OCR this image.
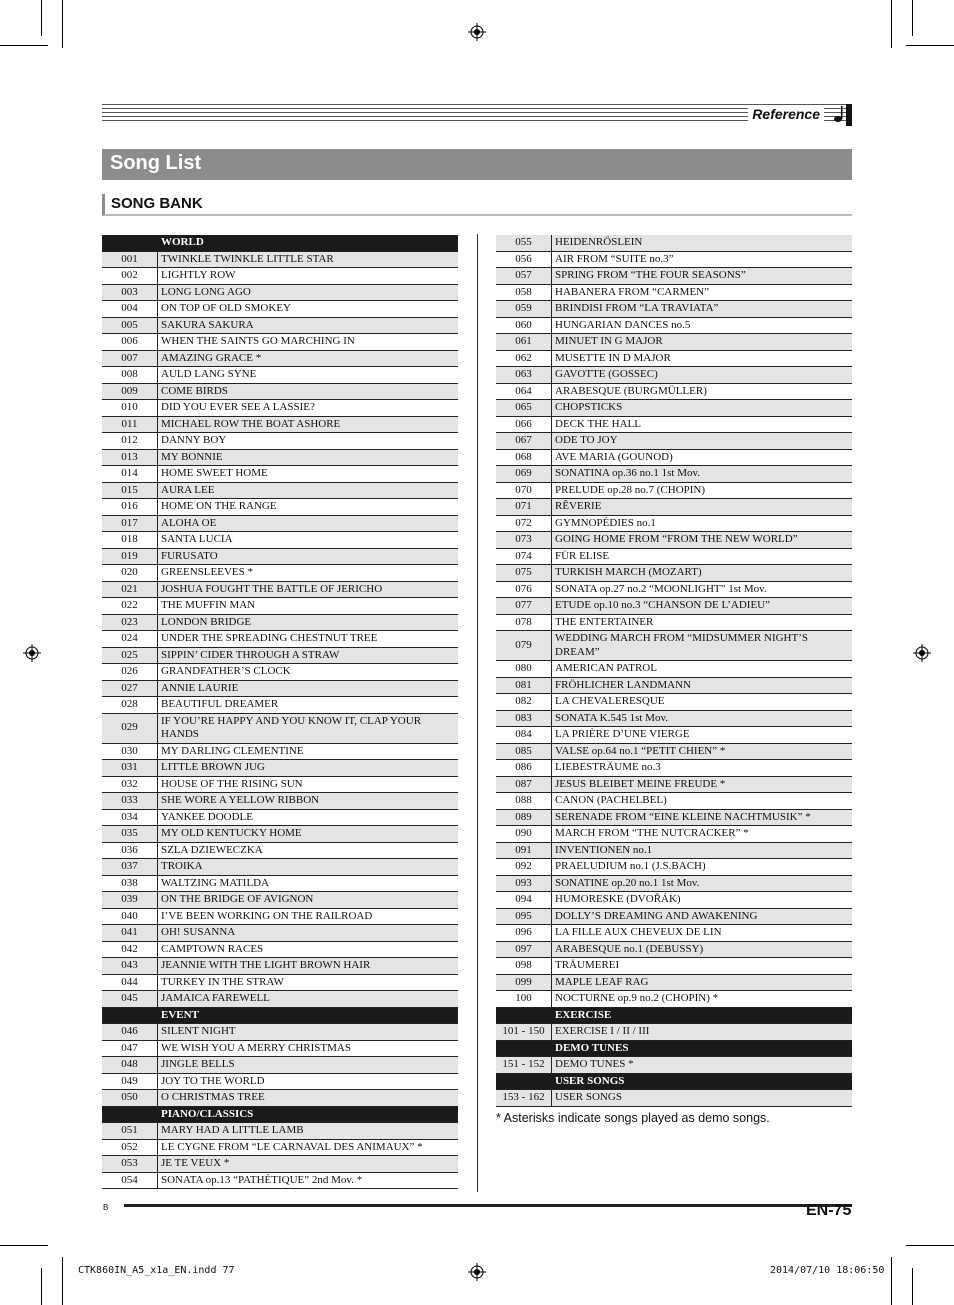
Reference
Song List
SONG BANK
	WORLD
001	TWINKLE TWINKLE LITTLE STAR
002	LIGHTLY ROW
003	LONG LONG AGO
004	ON TOP OF OLD SMOKEY
005	SAKURA SAKURA
006	WHEN THE SAINTS GO MARCHING IN
007	AMAZING GRACE *
008	AULD LANG SYNE
009	COME BIRDS
010	DID YOU EVER SEE A LASSIE?
011	MICHAEL ROW THE BOAT ASHORE
012	DANNY BOY
013	MY BONNIE
014	HOME SWEET HOME
015	AURA LEE
016	HOME ON THE RANGE
017	ALOHA OE
018	SANTA LUCIA
019	FURUSATO
020	GREENSLEEVES *
021	JOSHUA FOUGHT THE BATTLE OF JERICHO
022	THE MUFFIN MAN
023	LONDON BRIDGE
024	UNDER THE SPREADING CHESTNUT TREE
025	SIPPIN’ CIDER THROUGH A STRAW
026	GRANDFATHER’S CLOCK
027	ANNIE LAURIE
028	BEAUTIFUL DREAMER
029	IF YOU’RE HAPPY AND YOU KNOW IT, CLAP YOUR HANDS
030	MY DARLING CLEMENTINE
031	LITTLE BROWN JUG
032	HOUSE OF THE RISING SUN
033	SHE WORE A YELLOW RIBBON
034	YANKEE DOODLE
035	MY OLD KENTUCKY HOME
036	SZLA DZIEWECZKA
037	TROIKA
038	WALTZING MATILDA
039	ON THE BRIDGE OF AVIGNON
040	I’VE BEEN WORKING ON THE RAILROAD
041	OH! SUSANNA
042	CAMPTOWN RACES
043	JEANNIE WITH THE LIGHT BROWN HAIR
044	TURKEY IN THE STRAW
045	JAMAICA FAREWELL
	EVENT
046	SILENT NIGHT
047	WE WISH YOU A MERRY CHRISTMAS
048	JINGLE BELLS
049	JOY TO THE WORLD
050	O CHRISTMAS TREE
	PIANO/CLASSICS
051	MARY HAD A LITTLE LAMB
052	LE CYGNE FROM “LE CARNAVAL DES ANIMAUX” *
053	JE TE VEUX *
054	SONATA op.13 “PATHÉTIQUE” 2nd Mov. *
055	HEIDENRÖSLEIN
056	AIR FROM “SUITE no.3”
057	SPRING FROM “THE FOUR SEASONS”
058	HABANERA FROM “CARMEN”
059	BRINDISI FROM “LA TRAVIATA”
060	HUNGARIAN DANCES no.5
061	MINUET IN G MAJOR
062	MUSETTE IN D MAJOR
063	GAVOTTE (GOSSEC)
064	ARABESQUE (BURGMÜLLER)
065	CHOPSTICKS
066	DECK THE HALL
067	ODE TO JOY
068	AVE MARIA (GOUNOD)
069	SONATINA op.36 no.1 1st Mov.
070	PRELUDE op.28 no.7 (CHOPIN)
071	RÊVERIE
072	GYMNOPÉDIES no.1
073	GOING HOME FROM “FROM THE NEW WORLD”
074	FÜR ELISE
075	TURKISH MARCH (MOZART)
076	SONATA op.27 no.2 “MOONLIGHT” 1st Mov.
077	ETUDE op.10 no.3 “CHANSON DE L’ADIEU”
078	THE ENTERTAINER
079	WEDDING MARCH FROM “MIDSUMMER NIGHT’S DREAM”
080	AMERICAN PATROL
081	FRÖHLICHER LANDMANN
082	LA CHEVALERESQUE
083	SONATA K.545 1st Mov.
084	LA PRIÈRE D’UNE VIERGE
085	VALSE op.64 no.1 “PETIT CHIEN” *
086	LIEBESTRÄUME no.3
087	JESUS BLEIBET MEINE FREUDE *
088	CANON (PACHELBEL)
089	SERENADE FROM “EINE KLEINE NACHTMUSIK” *
090	MARCH FROM “THE NUTCRACKER” *
091	INVENTIONEN no.1
092	PRAELUDIUM no.1 (J.S.BACH)
093	SONATINE op.20 no.1 1st Mov.
094	HUMORESKE (DVOŘÁK)
095	DOLLY’S DREAMING AND AWAKENING
096	LA FILLE AUX CHEVEUX DE LIN
097	ARABESQUE no.1 (DEBUSSY)
098	TRÄUMEREI
099	MAPLE LEAF RAG
100	NOCTURNE op.9 no.2 (CHOPIN) *
	EXERCISE
101 - 150	EXERCISE I / II / III
	DEMO TUNES
151 - 152	DEMO TUNES *
	USER SONGS
153 - 162	USER SONGS
* Asterisks indicate songs played as demo songs.
B	EN-75
CTK860IN_A5_x1a_EN.indd 77	2014/07/10 18:06:50
